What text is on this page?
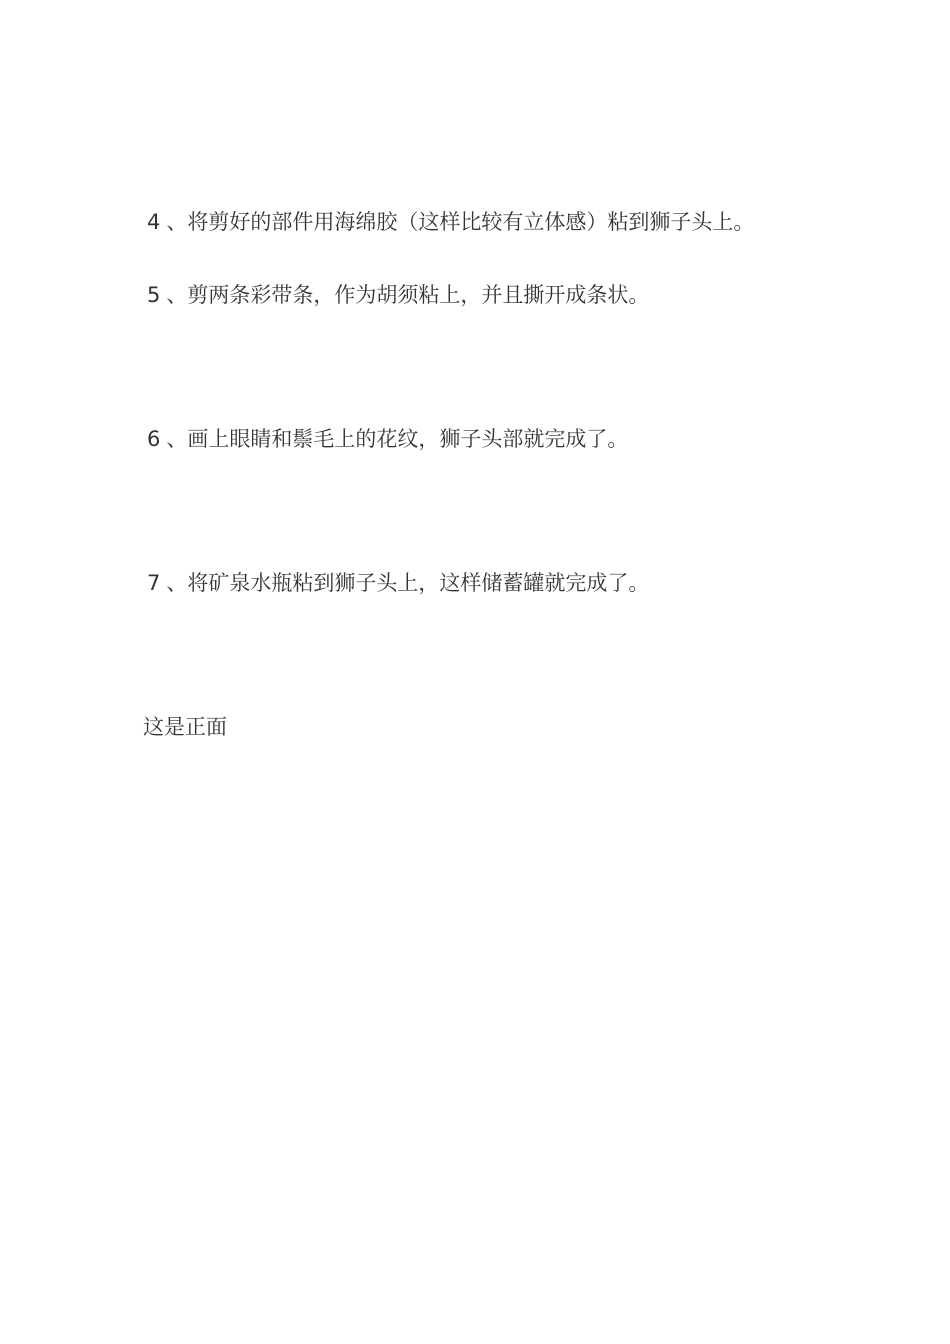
4 、将剪好的部件用海绵胶（这样比较有立体感）粘到狮子头上。
5 、剪两条彩带条，作为胡须粘上，并且撕开成条状。
6 、画上眼睛和鬃毛上的花纹，狮子头部就完成了。
7 、将矿泉水瓶粘到狮子头上，这样储蓄罐就完成了。
这是正面
